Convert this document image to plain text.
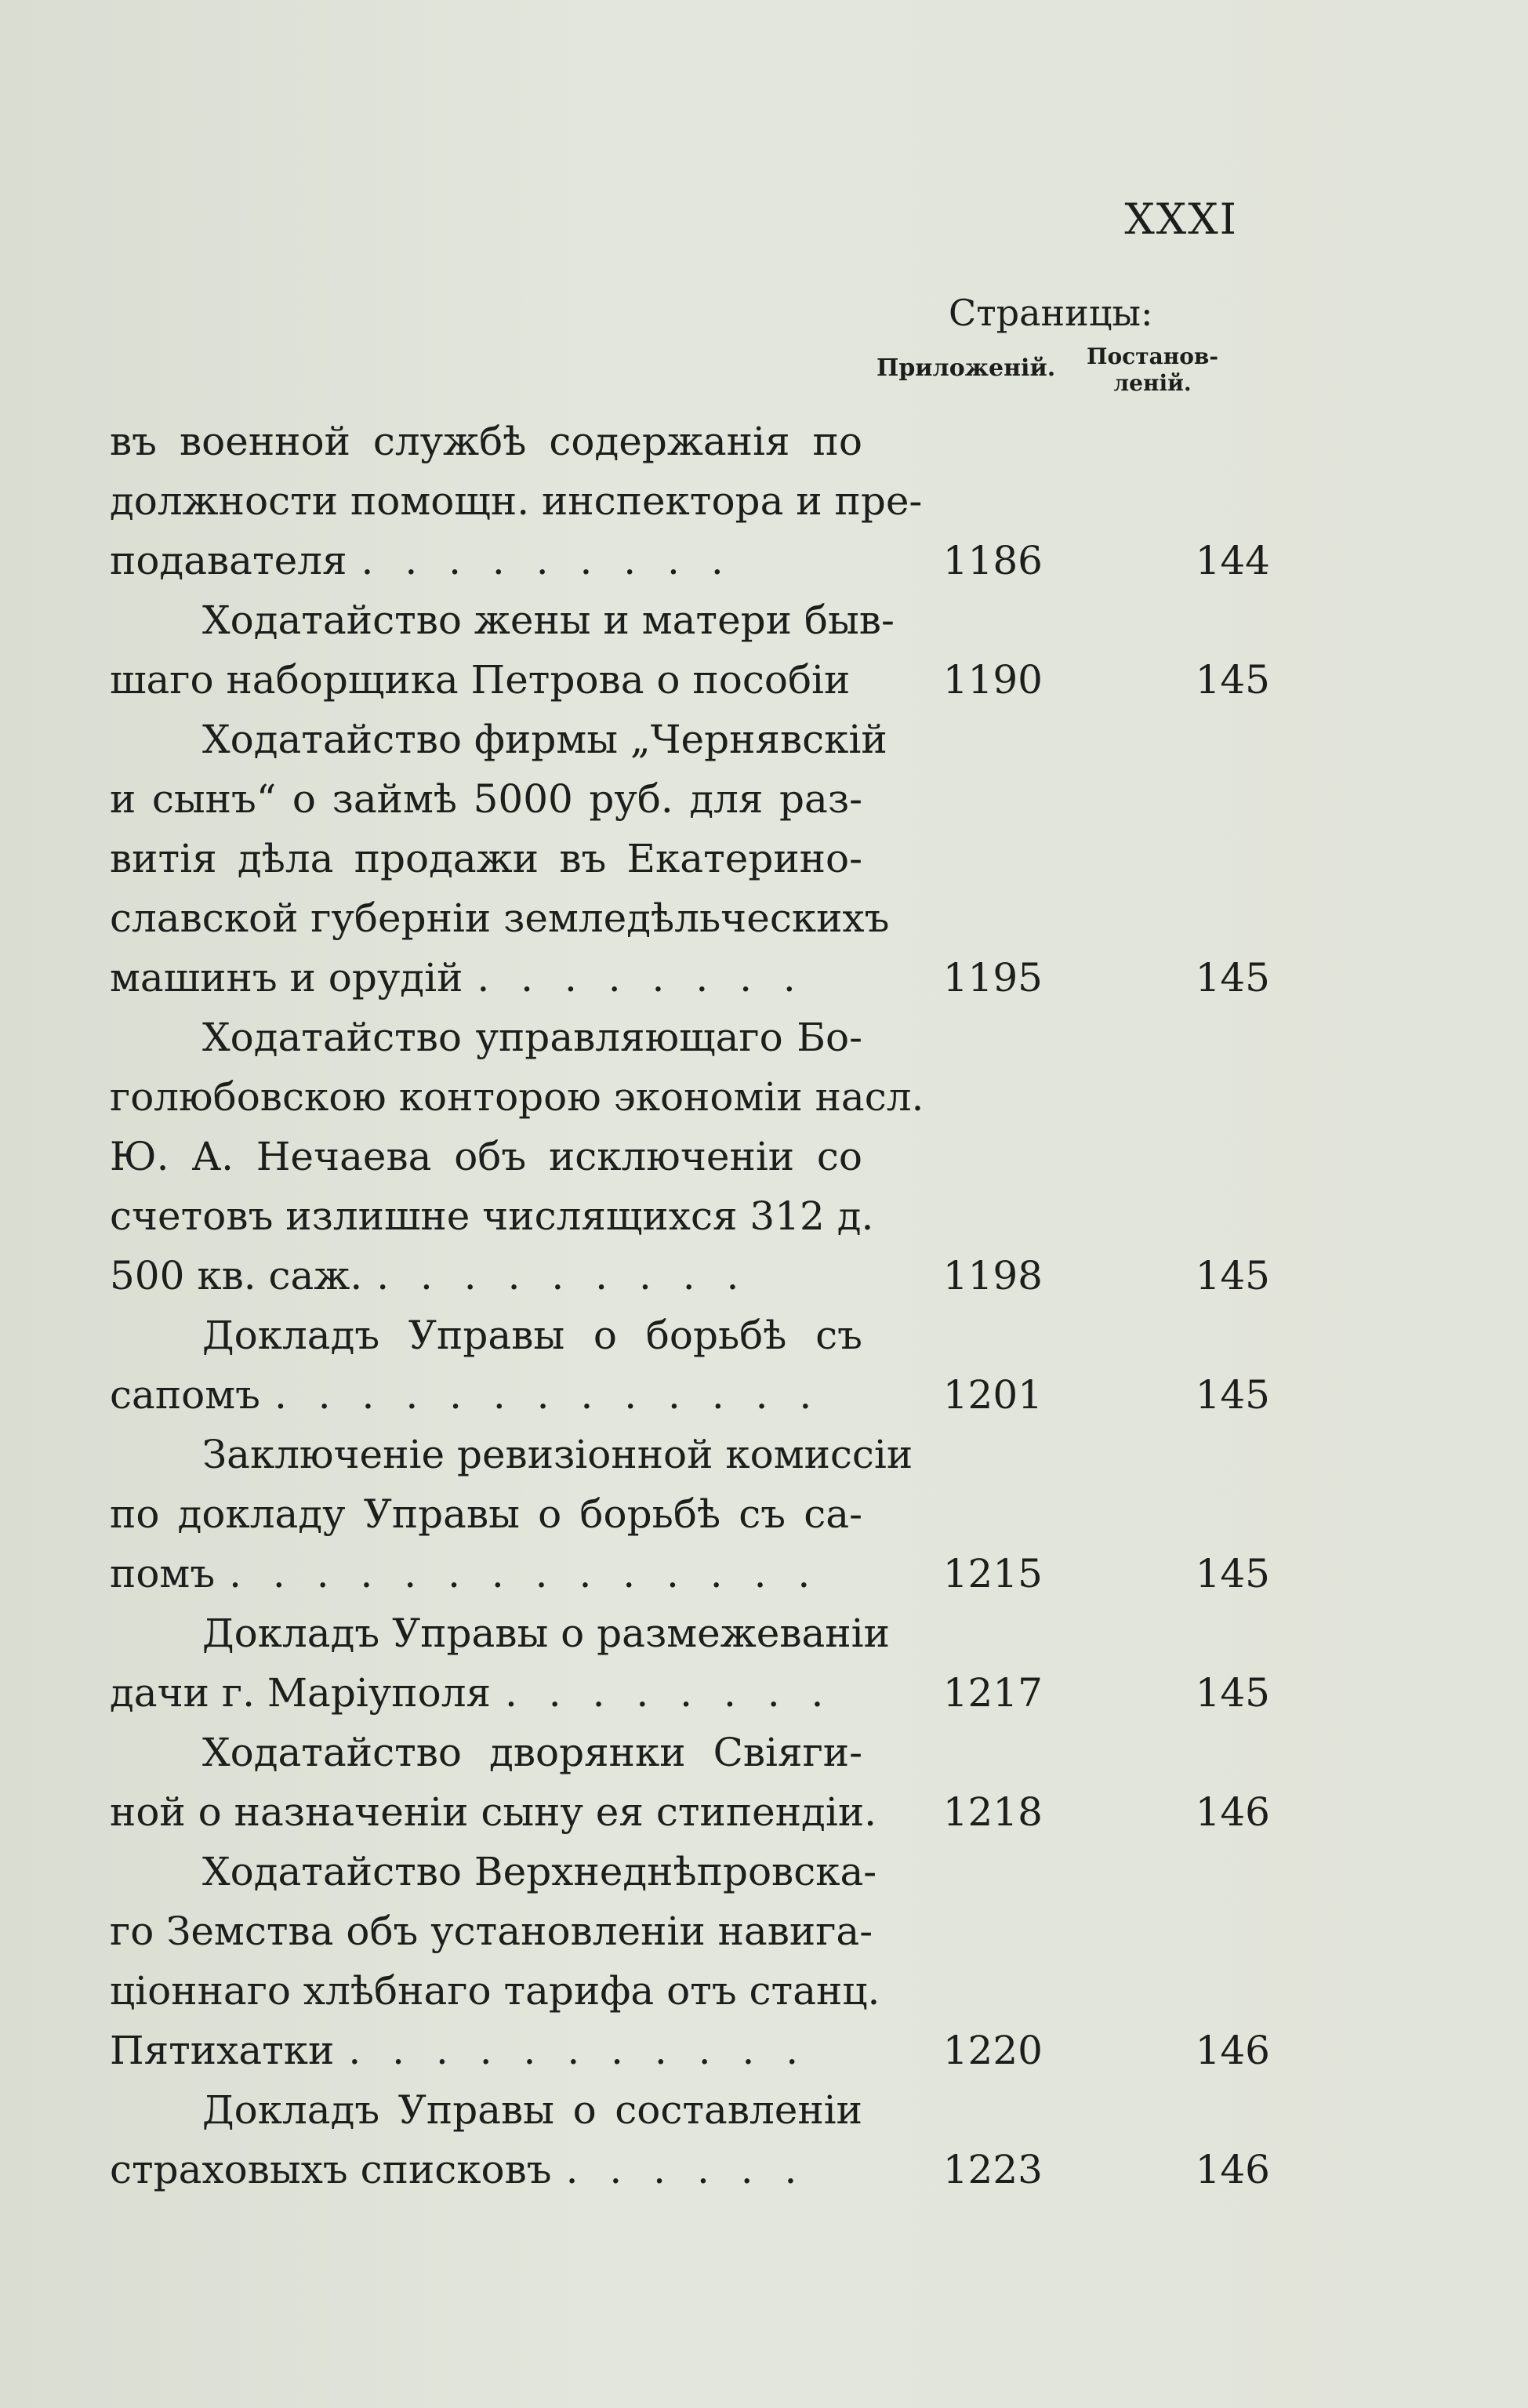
XXXI
Страницы:
Приложеній. Постанов-леній.
въ военной службѣ содержанія по
должности помощн. инспектора и пре-
подавателя . . . . . . . . .	1186	144
Ходатайство жены и матери быв-
шаго наборщика Петрова о пособіи	1190	145
Ходатайство фирмы „Чернявскій
и сынъ“ о займѣ 5000 руб. для раз-
витія дѣла продажи въ Екатерино-
славской губерніи земледѣльческихъ
машинъ и орудій . . . . . . . .	1195	145
Ходатайство управляющаго Бо-
голюбовскою конторою экономіи насл.
Ю. А. Нечаева объ исключеніи со
счетовъ излишне числящихся 312 д.
500 кв. саж. . . . . . . . . .	1198	145
Докладъ Управы о борьбѣ съ
сапомъ . . . . . . . . . . . . .	1201	145
Заключеніе ревизіонной комиссіи
по докладу Управы о борьбѣ съ са-
помъ . . . . . . . . . . . . . .	1215	145
Докладъ Управы о размежеваніи
дачи г. Маріуполя . . . . . . . .	1217	145
Ходатайство дворянки Свіяги-
ной о назначеніи сыну ея стипендіи.	1218	146
Ходатайство Верхнеднѣпровска-
го Земства объ установленіи навига-
ціоннаго хлѣбнаго тарифа отъ станц.
Пятихатки . . . . . . . . . . .	1220	146
Докладъ Управы о составленіи
страховыхъ списковъ . . . . . .	1223	146
